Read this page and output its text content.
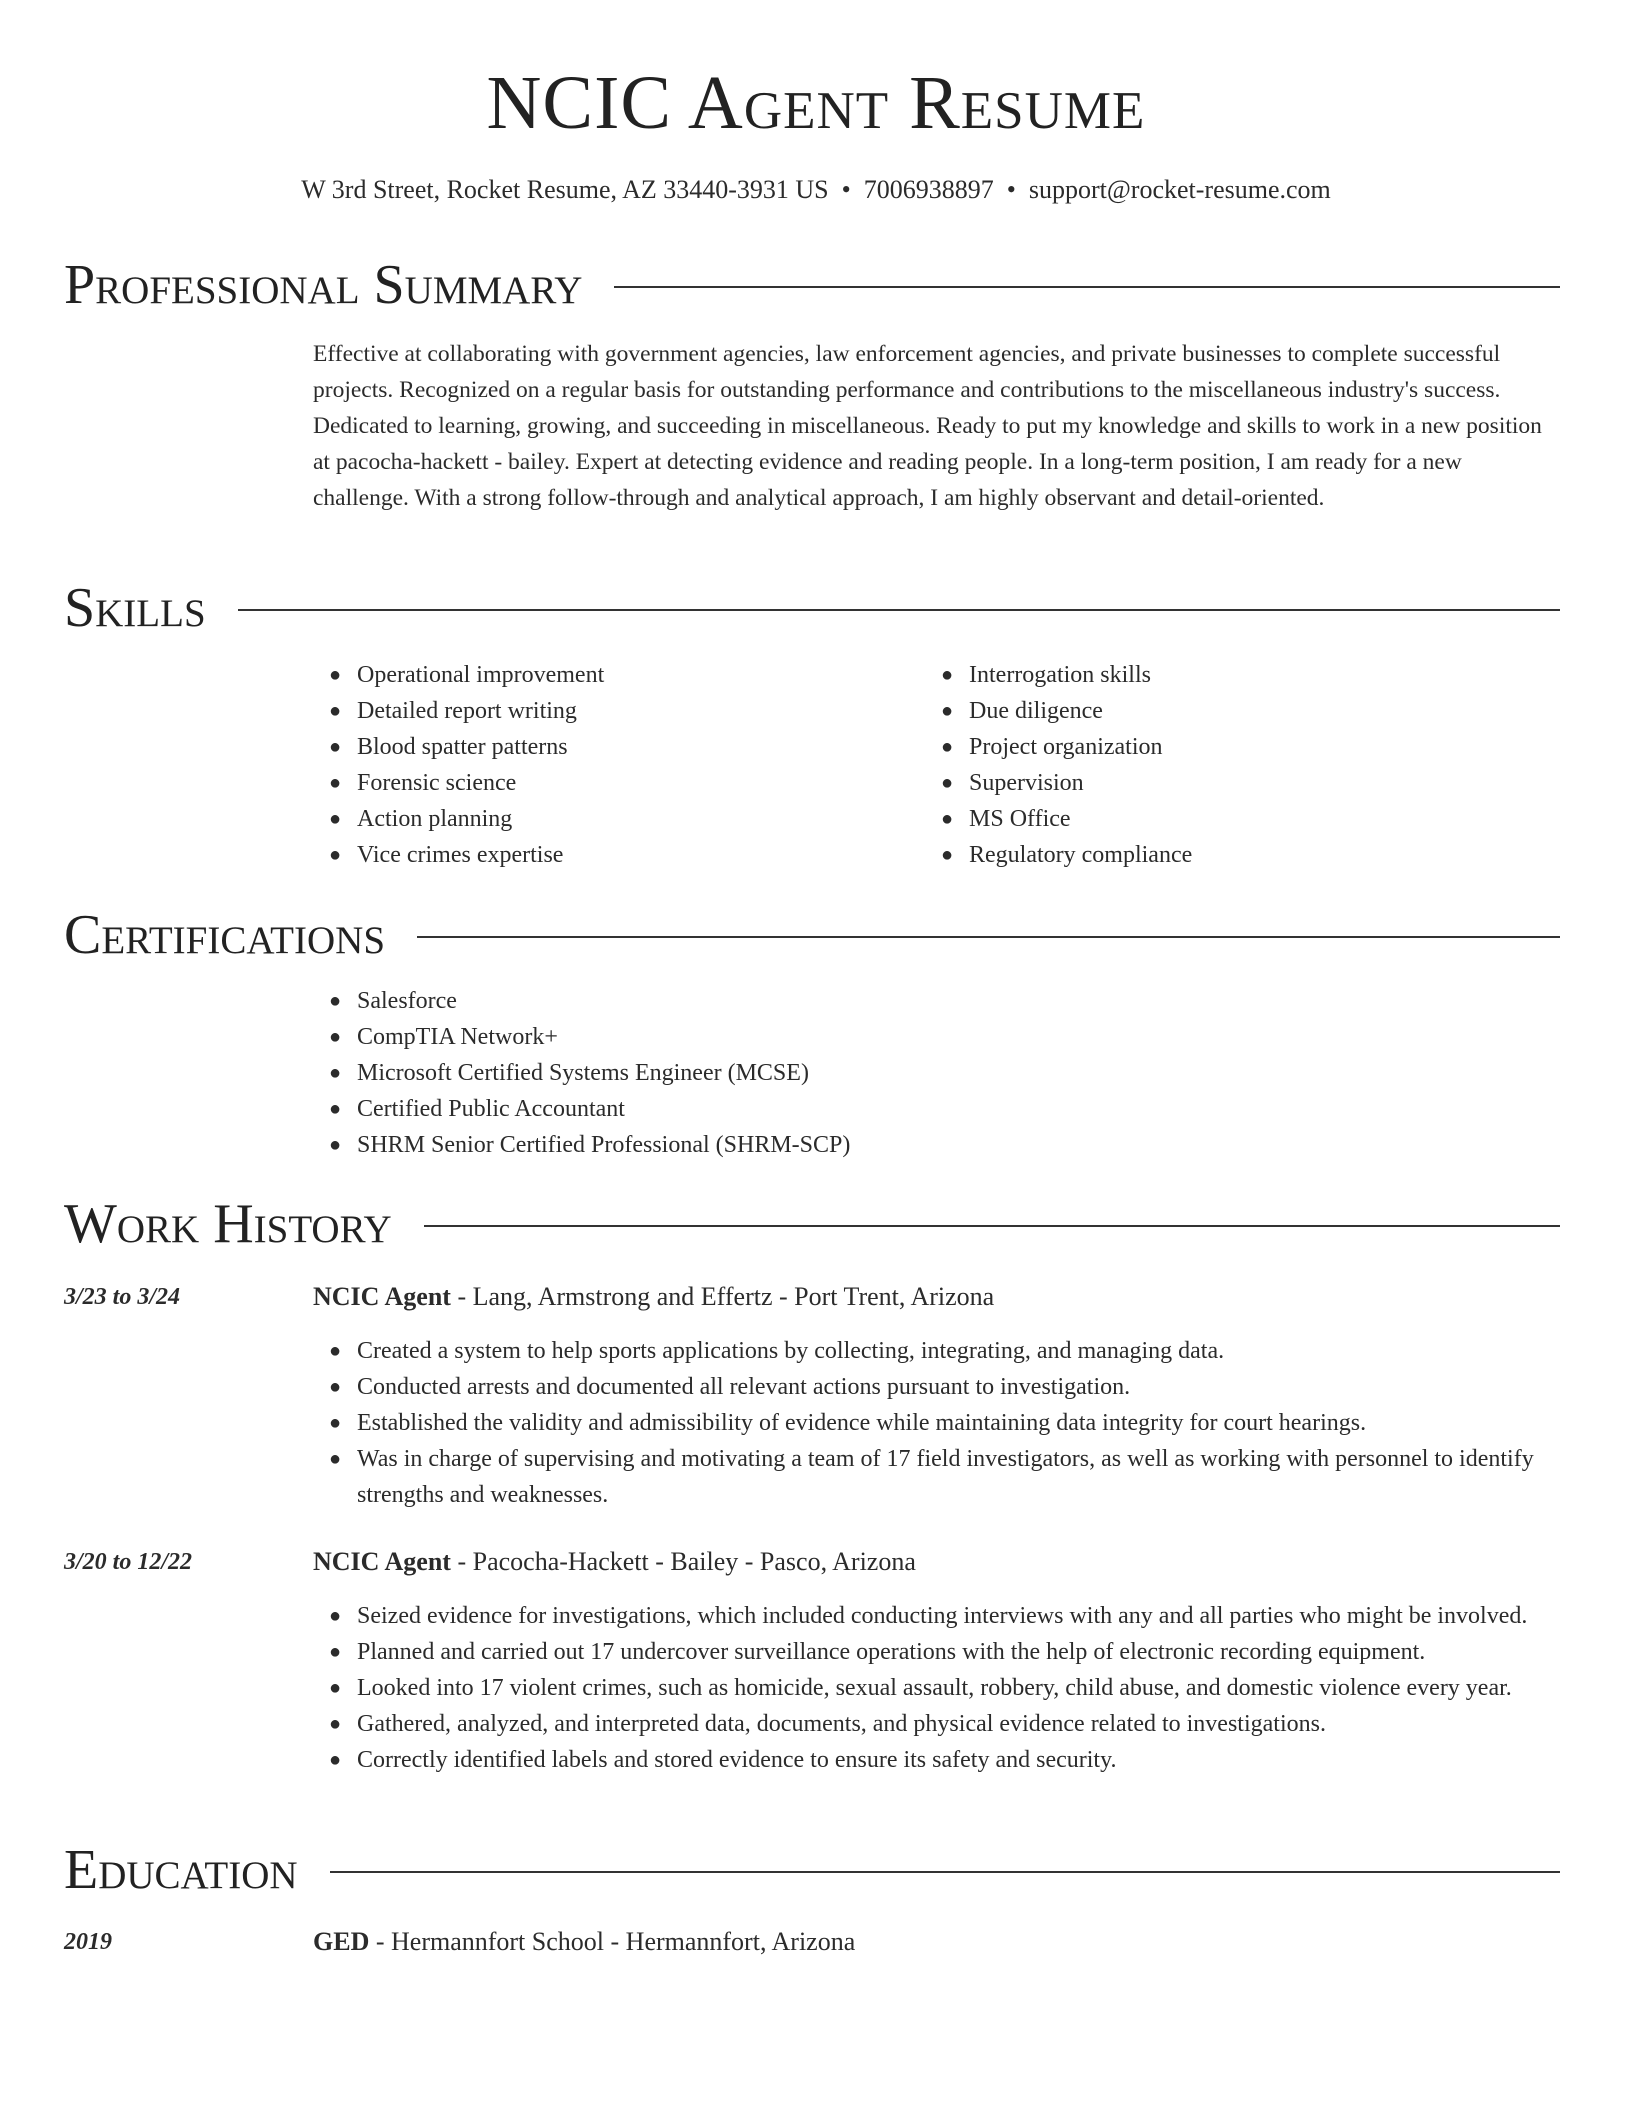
NCIC Agent Resume
W 3rd Street, Rocket Resume, AZ 33440-3931 US • 7006938897 • support@rocket-resume.com
Professional Summary

Effective at collaborating with government agencies, law enforcement agencies, and private businesses to complete successful projects. Recognized on a regular basis for outstanding performance and contributions to the miscellaneous industry's success. Dedicated to learning, growing, and succeeding in miscellaneous. Ready to put my knowledge and skills to work in a new position at pacocha-hackett - bailey. Expert at detecting evidence and reading people. In a long-term position, I am ready for a new challenge. With a strong follow-through and analytical approach, I am highly observant and detail-oriented.

Skills
● Operational improvement
● Detailed report writing
● Blood spatter patterns
● Forensic science
● Action planning
● Vice crimes expertise
● Interrogation skills
● Due diligence
● Project organization
● Supervision
● MS Office
● Regulatory compliance
Certifications
● Salesforce
● CompTIA Network+
● Microsoft Certified Systems Engineer (MCSE)
● Certified Public Accountant
● SHRM Senior Certified Professional (SHRM-SCP)
Work History
3/23 to 3/24	NCIC Agent - Lang, Armstrong and Effertz - Port Trent, Arizona
● Created a system to help sports applications by collecting, integrating, and managing data.
● Conducted arrests and documented all relevant actions pursuant to investigation.
● Established the validity and admissibility of evidence while maintaining data integrity for court hearings.
● Was in charge of supervising and motivating a team of 17 field investigators, as well as working with personnel to identify strengths and weaknesses.
3/20 to 12/22	NCIC Agent - Pacocha-Hackett - Bailey - Pasco, Arizona
● Seized evidence for investigations, which included conducting interviews with any and all parties who might be involved.
● Planned and carried out 17 undercover surveillance operations with the help of electronic recording equipment.
● Looked into 17 violent crimes, such as homicide, sexual assault, robbery, child abuse, and domestic violence every year.
● Gathered, analyzed, and interpreted data, documents, and physical evidence related to investigations.
● Correctly identified labels and stored evidence to ensure its safety and security.
Education
2019	GED - Hermannfort School - Hermannfort, Arizona
